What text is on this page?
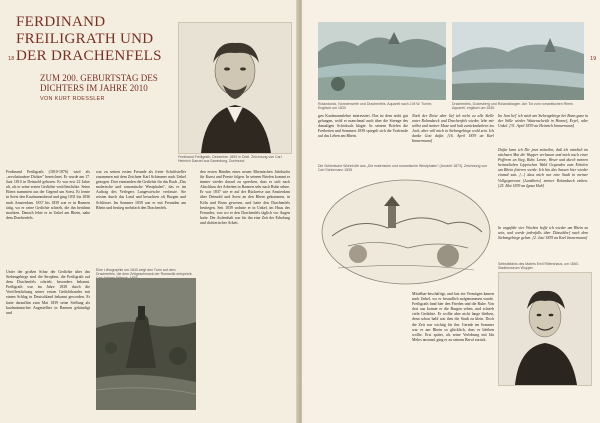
18
FERDINAND FREILIGRATH UND DER DRACHENFELS
ZUM 200. GEBURTSTAG DES DICHTERS IM JAHRE 2010
VON KURT ROESSLER
Ferdinand Freiligrath, Dezember 1859 in Ödel. Zeichnung von Carl Heinrich Danzel aus Sammlung, Dortmund
Ferdinand Freiligrath (1810-1876) wird als „revolutionärer Dichter" bezeichnet. Er wurde am 17. Juni 1810 in Detmold geboren. Er war erst 22 Jahre alt, als er seine ersten Gedichte veröffentlichte. Seine Eltern stammten aus der Gegend um Soest. Er lernte in Soest den Kaufmannsberuf und ging 1831 bis 1836 nach Amsterdam. 1837 bis 1839 war er in Barmen tätig, wo er seine Gedichte schrieb, die ihn berühmt machten. Danach lebte er in Unkel am Rhein, nahe dem Drachenfels.
Unter der großen Schar der Gedichte über das Siebengebirge sind die Strophen, die Freiligrath auf dem Drachenfels schrieb, besonders bekannt. Freiligrath war im Jahre 1838 durch die Veröffentlichung seiner ersten Gedichtbandes mit einem Schlag in Deutschland bekannt geworden. Er hatte daraufhin zum Mai 1839 seine Stellung als kaufmännischer Angestellter in Barmen gekündigt und
war zu seinen ersten Freunde als freier Schriftsteller zusammen mit dem Zeichner Karl Schimmer nach Unkel gezogen. Dort entstanden die Gedichte für das Buch „Das malerische und romantische Westphalen", das er im Auftrag des Verlegers Langewiesche verfasste. Sie reisten durch das Land und besuchten oft Burgen und Schlösser. Im Sommer 1839 war er mit Freunden am Rhein und bestieg mehrfach den Drachenfels.
den ersten Bänden eines neuen Rheinischen Jahrbuchs für Kunst und Poesie folgen. In seinem Briefen kommt er immer wieder darauf zu sprechen, dass er sich nach Abschluss der Arbeiten in Barmen sehr nach Ruhe sehne. Er war 1837 wie er auf der Rückreise aus Amsterdam über Detmold und Soest an den Rhein gekommen, in Köln und Bonn gewesen, und hatte den Drachenfels bestiegen. Seit 1839 wohnte er in Unkel, im Haus des Freundes, von wo er den Drachenfels täglich vor Augen hatte. Der Aufenthalt war für ihn eine Zeit der Erholung und dichterischer Arbeit.
Eine Lithographie um 1840 zeigt den Turm auf dem Drachenfels, die dem Zeitgeschmack der Romantik entspricht.
19
Rolandseck, Nonnenwerth und Drachenfels. Aquarell nach J.M.W. Turner, Englisch um 1830
Drachenfels, Godesberg und Rolandsbogen. Am Tor zum romantischen Rhein. Aquarell, englisch um 1830.
gen Kaufmannslehre interessiert. Das ist dem nicht gut gelungen, wohl er manchmal auch über die Strenge des damaligen Schicksals klagte. In seinem Briefen die Freiheiten und Sommers 1839 spiegelt sich die Vorfreude auf das Leben am Rhein.
Nach der Reise aber lief ich nicht zu alle Stelle unter Rolandseck und Drachenfels wieder, lebe mir selbst und meiner Muse und halt zurückzukehren ins Joch, aber will mich in Siebengebirge wohl sein. Ich danke Gott dafür. [16. April 1839 an Karl Immermann]
Im Juni lief' ich mich am Siebengebirge bei Bonn ganz in der Stille wieder Wattenscheidt in Honnef, Eryel, oder Unkel. [31. April 1839 an Heinrich Immermann]
Dafür kenn ich Dir jetzt mitteilen, daß ich nämlich im nächsten Mai die Wupper verlassen und mich nach einer Pofferen an Sieg, Ruhr, Lenne, Weser und durch meinen heimatlichen Lippischen Wald Gegenden zum Erholen am Rhein fixieren werde. Ich bin das Sassen hier wieder einmal satt. [...] dass mich nur eine Stadt in meiner Vollgegenwart [Landkreis] meiner Rolandseck ziehen. [25. Mai 1839 an Ignaz Hub]
In ungefähr vier Wochen hoffe ich wieder am Rhein zu sein, und werde jedenfalls über Düsseldorf nach dem Siebengebirge gehen. [2. Juni 1839 an Karl Immermann]
Die Schiedsche Wohnhöfe aus „Die malerische und romantische Westphalen" (Ansicht 1873). Zeichnung von Carl Schürmann 1835
Mittelbar-beschäftigt, und fast ein Vermögen kamen nach Unkel, wo er freundlich aufgenommen wurde. Freiligrath fand hier den Frieden und die Ruhe. Von dort aus konnte er die Burgen sehen, und schrieb viele Gedichte. Er wollte aber nicht lange bleiben, denn schon bald war ihm die Stadt zu klein. Doch die Zeit war wichtig für ihn: Gerade im Sommer war er am Rhein so glücklich, dass er bleiben wollte. Erst später, als seine Verlobung mit Ida Melos anstand, ging er zu seinem Beruf zurück.
Selbstbildnis des Malers Emil Rittershaus, um 1860, Stadtmuseum Wupper.
